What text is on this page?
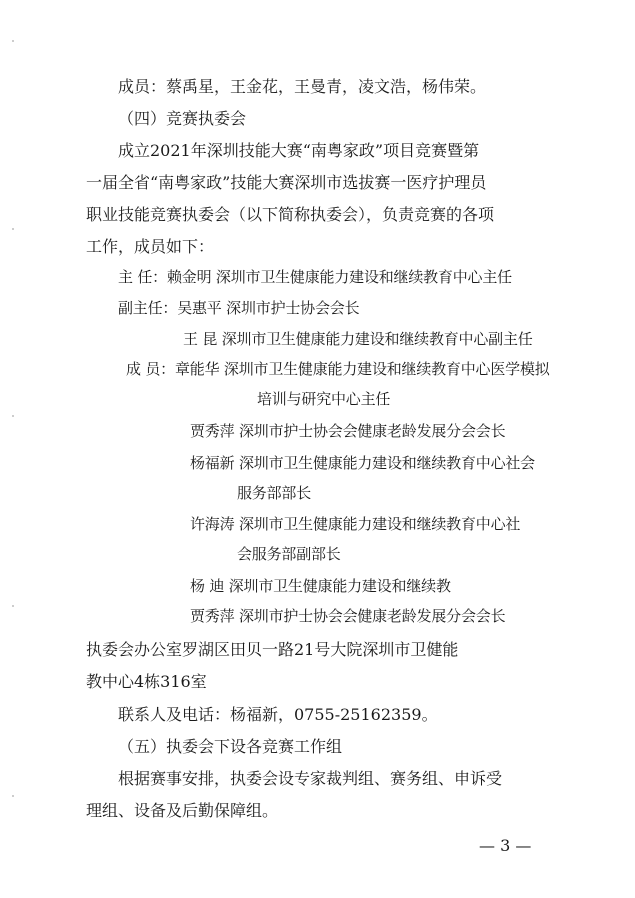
成员：蔡禹星，王金花，王曼青，凌文浩，杨伟荣。
（四）竞赛执委会
成立2021年深圳技能大赛“南粤家政”项目竞赛暨第
一届全省“南粤家政”技能大赛深圳市选拔赛一医疗护理员
职业技能竞赛执委会（以下简称执委会），负责竞赛的各项
工作，成员如下：
主 任：赖金明 深圳市卫生健康能力建设和继续教育中心主任
副主任：吴惠平 深圳市护士协会会长
王 昆 深圳市卫生健康能力建设和继续教育中心副主任
成 员：章能华 深圳市卫生健康能力建设和继续教育中心医学模拟
培训与研究中心主任
贾秀萍 深圳市护士协会会健康老龄发展分会会长
杨福新 深圳市卫生健康能力建设和继续教育中心社会
服务部部长
许海涛 深圳市卫生健康能力建设和继续教育中心社
会服务部副部长
杨 迪 深圳市卫生健康能力建设和继续教
贾秀萍 深圳市护士协会会健康老龄发展分会会长
执委会办公室罗湖区田贝一路21号大院深圳市卫健能
教中心4栋316室
联系人及电话：杨福新，0755-25162359。
（五）执委会下设各竞赛工作组
根据赛事安排，执委会设专家裁判组、赛务组、申诉受
理组、设备及后勤保障组。
— 3 —
